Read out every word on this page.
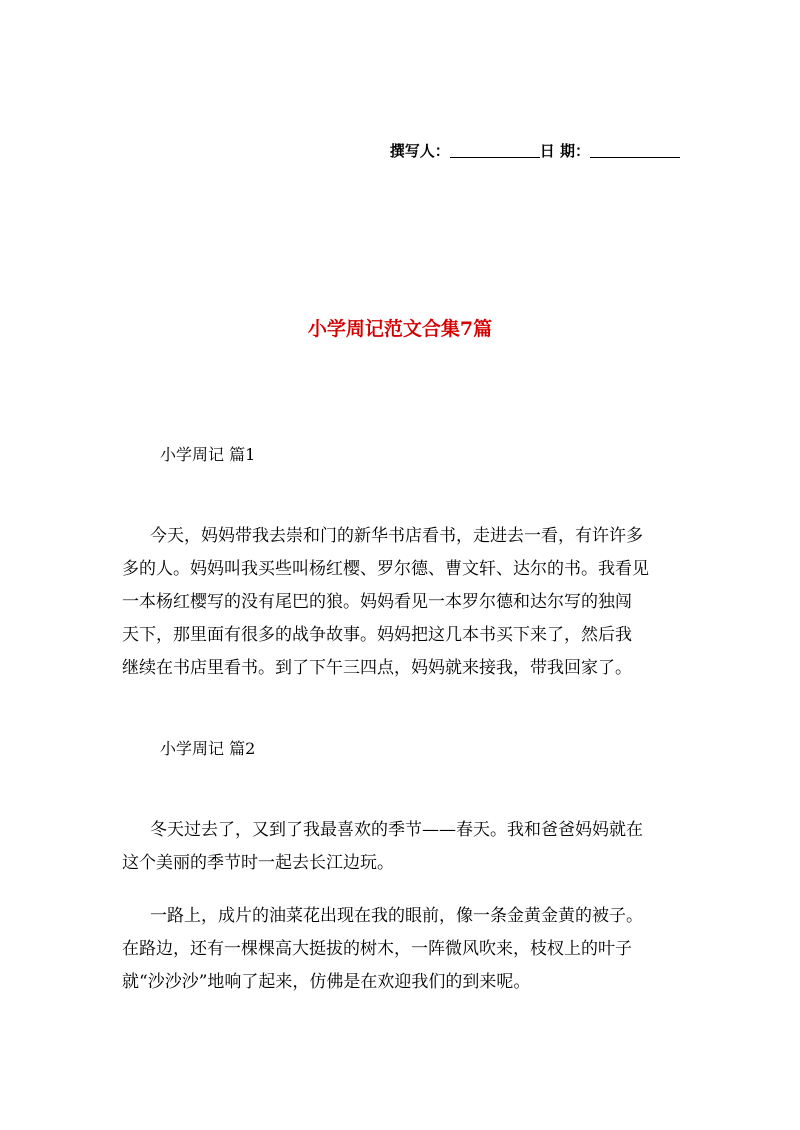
撰写人：	日 期：
小学周记范文合集7篇
小学周记 篇1
今天，妈妈带我去崇和门的新华书店看书，走进去一看，有许许多
多的人。妈妈叫我买些叫杨红樱、罗尔德、曹文轩、达尔的书。我看见
一本杨红樱写的没有尾巴的狼。妈妈看见一本罗尔德和达尔写的独闯
天下，那里面有很多的战争故事。妈妈把这几本书买下来了，然后我
继续在书店里看书。到了下午三四点，妈妈就来接我，带我回家了。
小学周记 篇2
冬天过去了，又到了我最喜欢的季节——春天。我和爸爸妈妈就在
这个美丽的季节时一起去长江边玩。
一路上，成片的油菜花出现在我的眼前，像一条金黄金黄的被子。
在路边，还有一棵棵高大挺拔的树木，一阵微风吹来，枝杈上的叶子
就“沙沙沙”地响了起来，仿佛是在欢迎我们的到来呢。
